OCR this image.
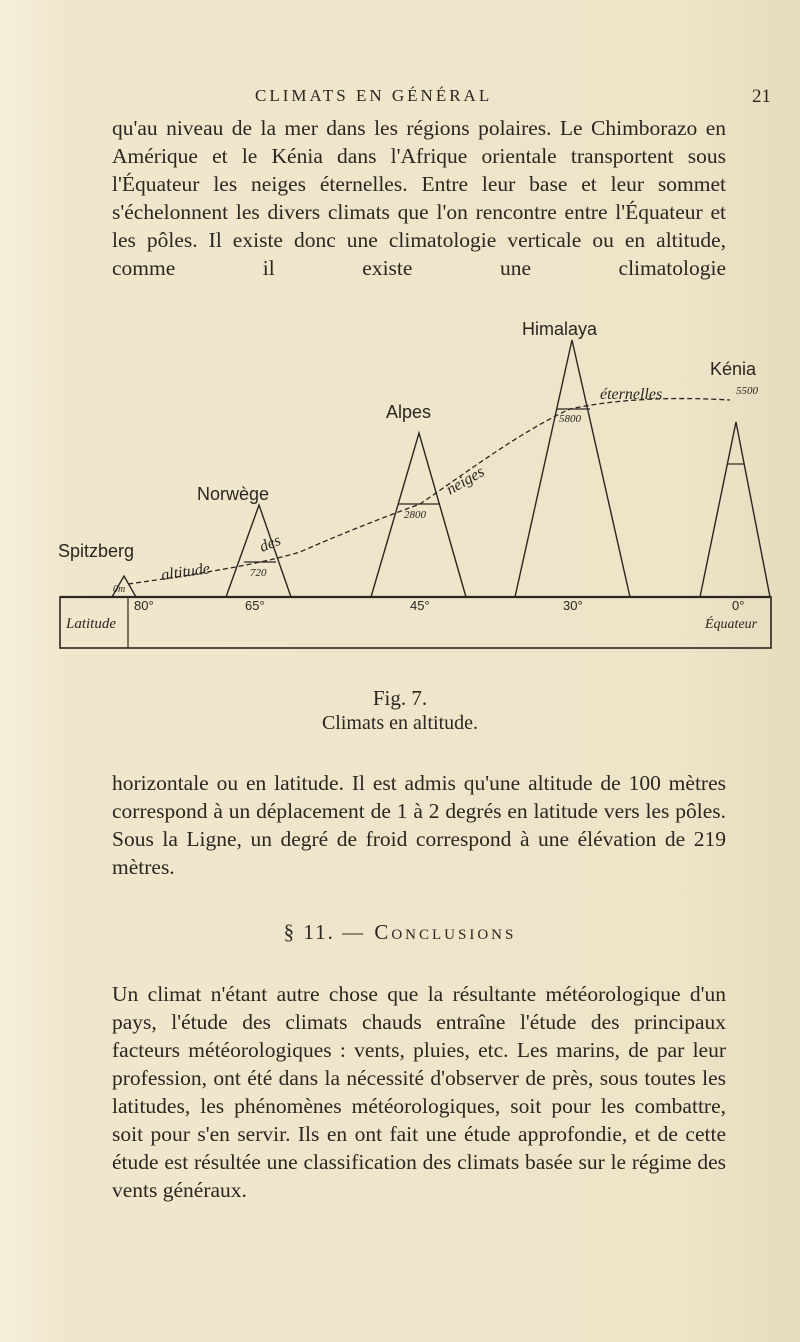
CLIMATS EN GÉNÉRAL	21
qu'au niveau de la mer dans les régions polaires. Le Chimborazo en Amérique et le Kénia dans l'Afrique orientale transportent sous l'Équateur les neiges éternelles. Entre leur base et leur sommet s'échelonnent les divers climats que l'on rencontre entre l'Équateur et les pôles. Il existe donc une climatologie verticale ou en altitude, comme il existe une climatologie
Spitzberg
Norwège
Alpes
Himalaya
Kénia
altitude
des
neiges
éternelles
0m
720
2800
5800
5500
Latitude
80°	65°	45°	30°	0°
Équateur
Fig. 7.
Climats en altitude.
horizontale ou en latitude. Il est admis qu'une altitude de 100 mètres correspond à un déplacement de 1 à 2 degrés en latitude vers les pôles. Sous la Ligne, un degré de froid correspond à une élévation de 219 mètres.
§ 11. — Conclusions
Un climat n'étant autre chose que la résultante météorologique d'un pays, l'étude des climats chauds entraîne l'étude des principaux facteurs météorologiques : vents, pluies, etc. Les marins, de par leur profession, ont été dans la nécessité d'observer de près, sous toutes les latitudes, les phénomènes météorologiques, soit pour les combattre, soit pour s'en servir. Ils en ont fait une étude approfondie, et de cette étude est résultée une classification des climats basée sur le régime des vents généraux.
